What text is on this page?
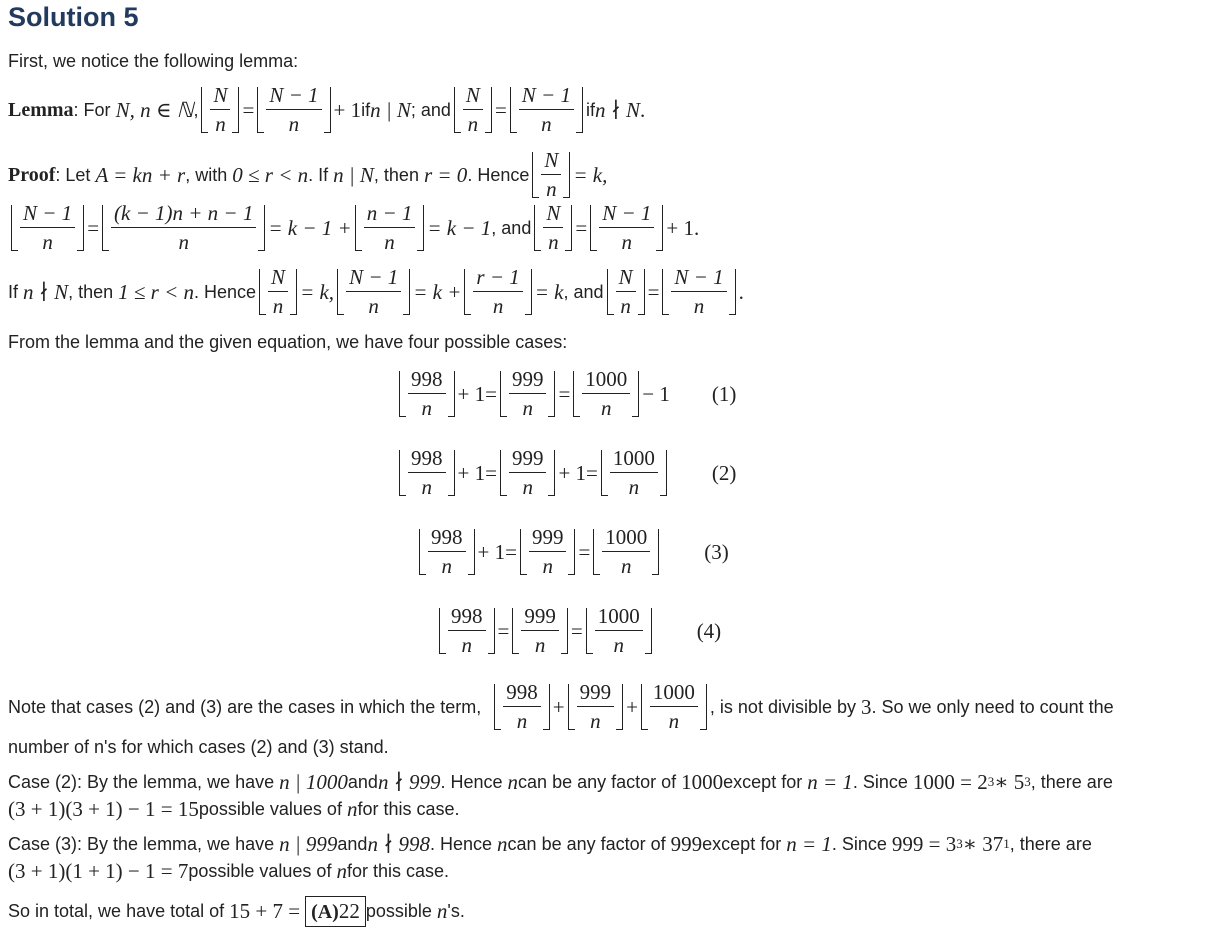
Solution 5
First, we notice the following lemma:
Lemma : For N, n ∈ ℕ , $\frac{N}{n} = \frac{N - 1}{n} + 1$ if n | N ; and $\frac{N}{n} = \frac{N - 1}{n}$ if n ∤ N .
Proof : Let A = kn + r , with 0 ≤ r < n . If n | N , then r = 0 . Hence $\frac{N}{n} = k$,
$\frac{N - 1}{n} = \frac{(k - 1)n + n - 1}{n} = k - 1 + \frac{n - 1}{n} = k - 1$ , and $\frac{N}{n} = \frac{N - 1}{n} + 1$.
If n ∤ N , then 1 ≤ r < n . Hence $\frac{N}{n} = k$, $\frac{N - 1}{n} = k + \frac{r - 1}{n} = k$ , and $\frac{N}{n} = \frac{N - 1}{n}$ .
From the lemma and the given equation, we have four possible cases:
$\frac{998}{n} + 1 = \frac{999}{n} = \frac{1000}{n} - 1$ (1)
$\frac{998}{n} + 1 = \frac{999}{n} + 1 = \frac{1000}{n} (2)$
$\frac{998}{n} + 1 = \frac{999}{n} = \frac{1000}{n} (3)$
$\frac{998}{n} = \frac{999}{n} = \frac{1000}{n} (4)$
Note that cases (2) and (3) are the cases in which the term, $\frac{998}{n} + \frac{999}{n} + \frac{1000}{n}$ , is not divisible by 3 . So we only need to count the
number of n's for which cases (2) and (3) stand.
Case (2): By the lemma, we have n | 1000 and n ∤ 999 . Hence n can be any factor of 1000 except for n = 1 . Since 1000 = 2 3 ∗ 5 3 , there are
(3 + 1)(3 + 1) − 1 = 15 possible values of n for this case.
Case (3): By the lemma, we have n | 999 and n ∤ 998 . Hence n can be any factor of 999 except for n = 1 . Since 999 = 3 3 ∗ 37 1 , there are
(3 + 1)(1 + 1) − 1 = 7 possible values of n for this case.
So in total, we have total of 15 + 7 = (A)22 possible n 's.
